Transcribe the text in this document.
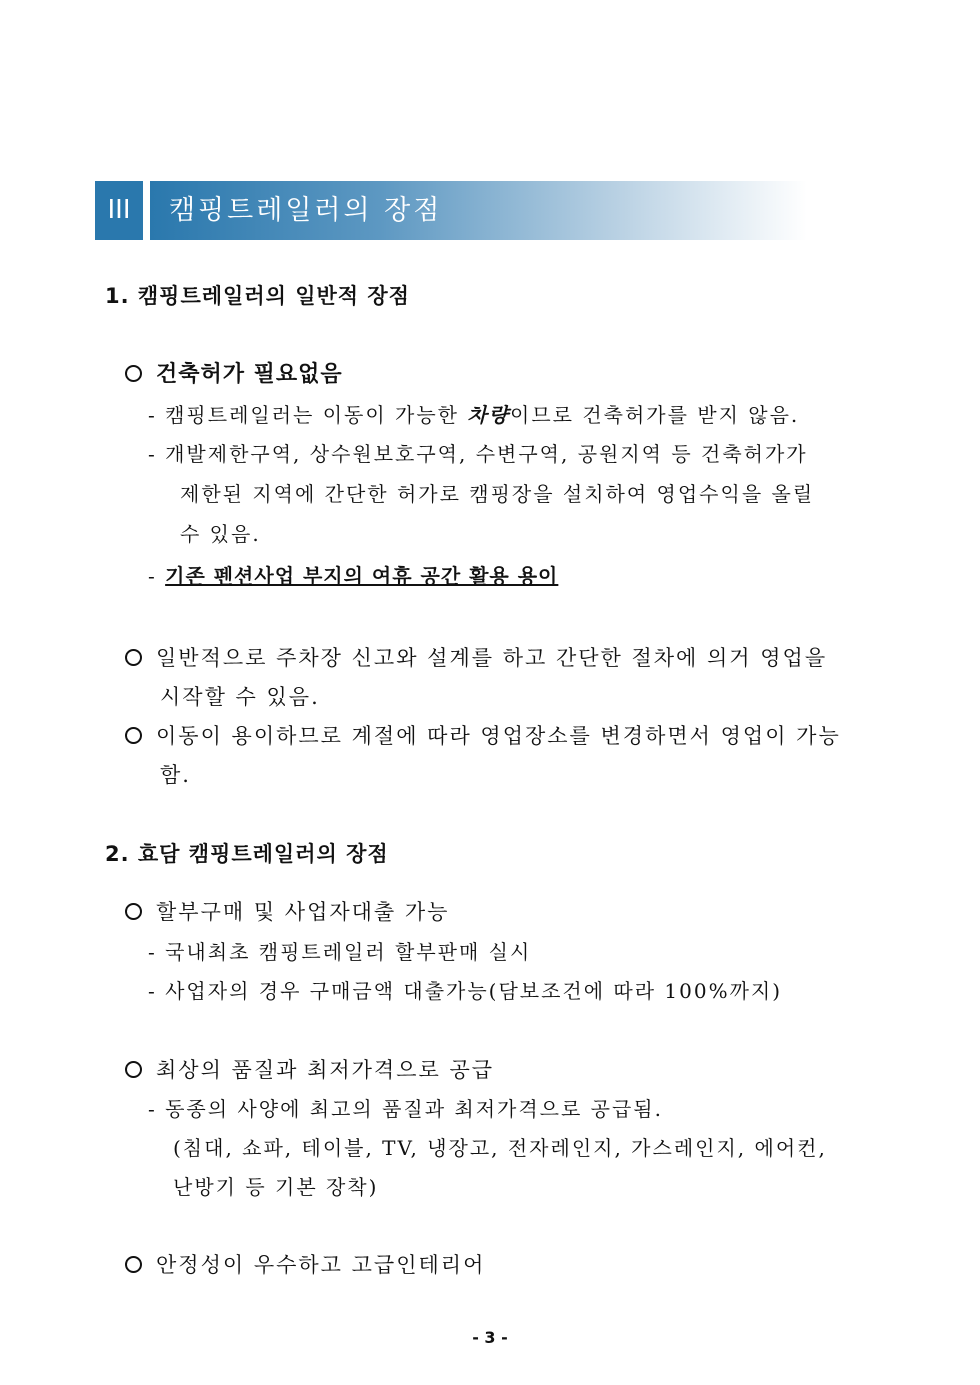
III	캠핑트레일러의 장점
1. 캠핑트레일러의 일반적 장점
건축허가 필요없음
- 캠핑트레일러는 이동이 가능한 차량이므로 건축허가를 받지 않음.
- 개발제한구역, 상수원보호구역, 수변구역, 공원지역 등 건축허가가
제한된 지역에 간단한 허가로 캠핑장을 설치하여 영업수익을 올릴
수 있음.
- 기존 펜션사업 부지의 여휴 공간 활용 용이
일반적으로 주차장 신고와 설계를 하고 간단한 절차에 의거 영업을
시작할 수 있음.
이동이 용이하므로 계절에 따라 영업장소를 변경하면서 영업이 가능
함.
2. 효담 캠핑트레일러의 장점
할부구매 및 사업자대출 가능
- 국내최초 캠핑트레일러 할부판매 실시
- 사업자의 경우 구매금액 대출가능(담보조건에 따라 100%까지)
최상의 품질과 최저가격으로 공급
- 동종의 사양에 최고의 품질과 최저가격으로 공급됨.
(침대, 쇼파, 테이블, TV, 냉장고, 전자레인지, 가스레인지, 에어컨,
난방기 등 기본 장착)
안정성이 우수하고 고급인테리어
- 3 -
